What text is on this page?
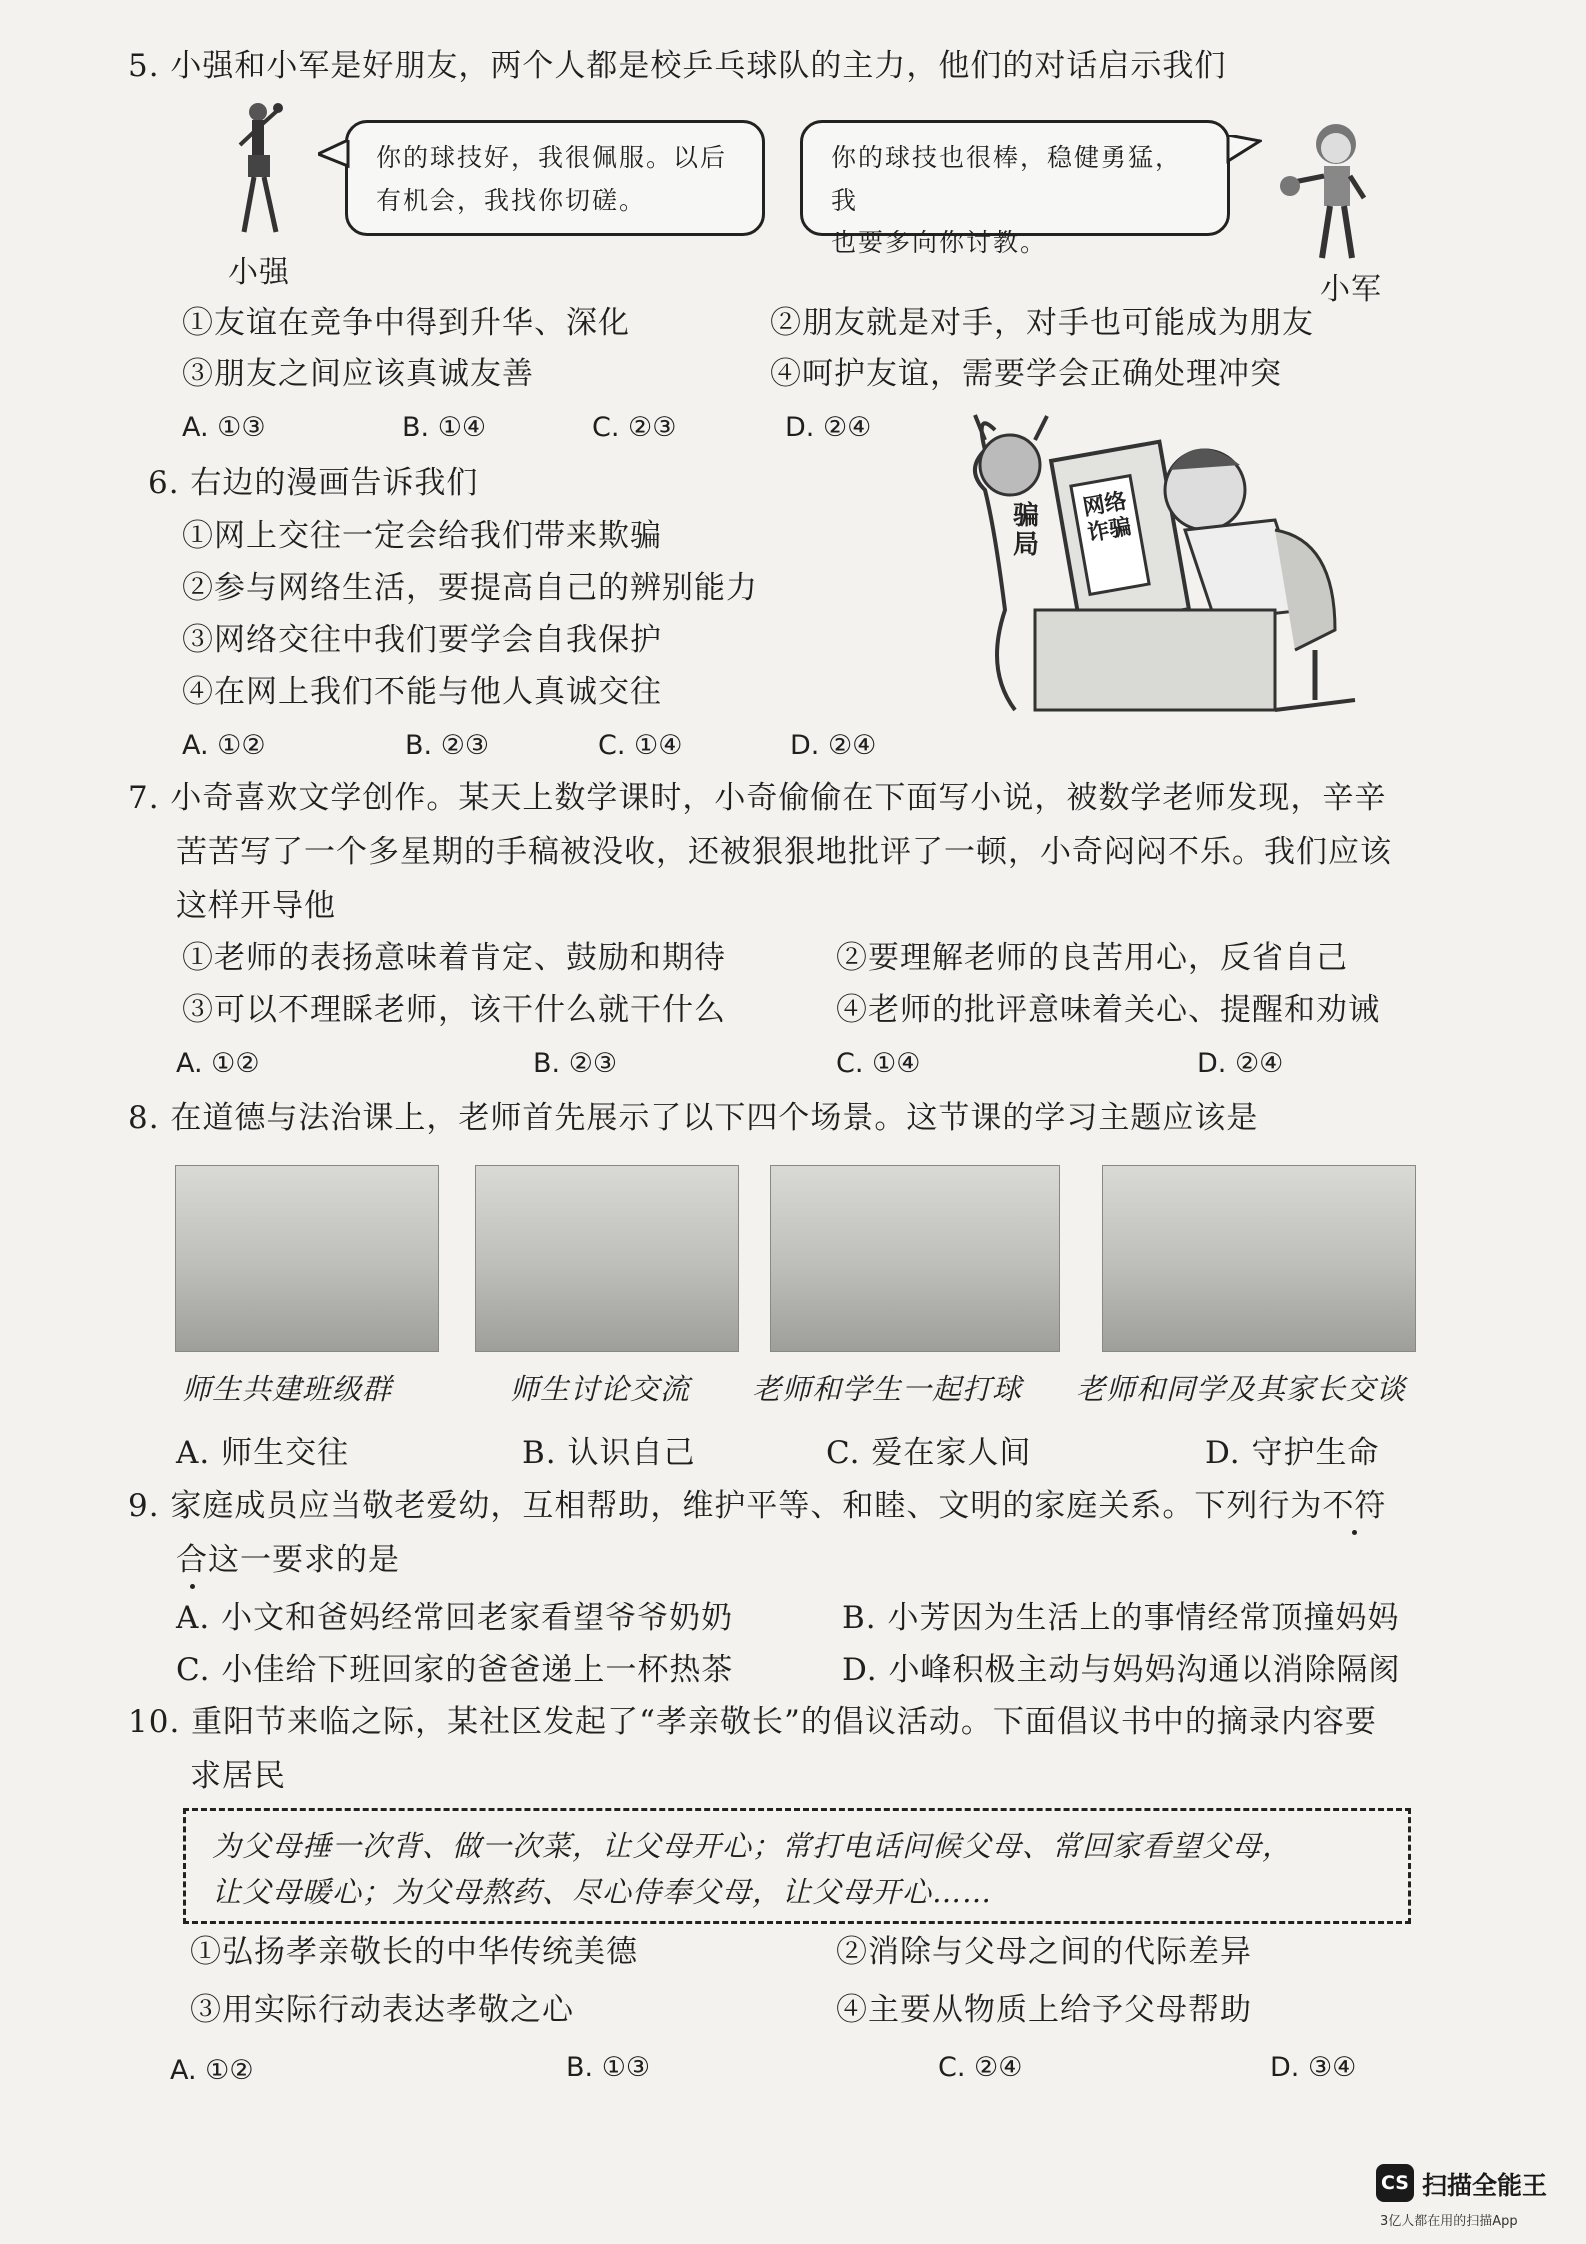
5. 小强和小军是好朋友，两个人都是校乒乓球队的主力，他们的对话启示我们
小强
你的球技好，我很佩服。以后
有机会，我找你切磋。
你的球技也很棒，稳健勇猛，我
也要多向你讨教。
小军
①友谊在竞争中得到升华、深化	②朋友就是对手，对手也可能成为朋友
③朋友之间应该真诚友善	④呵护友谊，需要学会正确处理冲突
A. ①③	B. ①④	C. ②③	D. ②④
6. 右边的漫画告诉我们
①网上交往一定会给我们带来欺骗
②参与网络生活，要提高自己的辨别能力
③网络交往中我们要学会自我保护
④在网上我们不能与他人真诚交往
A. ①②	B. ②③	C. ①④	D. ②④
骗局
网络诈骗
7. 小奇喜欢文学创作。某天上数学课时，小奇偷偷在下面写小说，被数学老师发现，辛辛
苦苦写了一个多星期的手稿被没收，还被狠狠地批评了一顿，小奇闷闷不乐。我们应该
这样开导他
①老师的表扬意味着肯定、鼓励和期待	②要理解老师的良苦用心，反省自己
③可以不理睬老师，该干什么就干什么	④老师的批评意味着关心、提醒和劝诫
A. ①②	B. ②③	C. ①④	D. ②④
8. 在道德与法治课上，老师首先展示了以下四个场景。这节课的学习主题应该是
师生共建班级群	师生讨论交流 老师和学生一起打球 老师和同学及其家长交谈
A. 师生交往	B. 认识自己	C. 爱在家人间	D. 守护生命
9. 家庭成员应当敬老爱幼，互相帮助，维护平等、和睦、文明的家庭关系。下列行为不符
合这一要求的是
A. 小文和爸妈经常回老家看望爷爷奶奶	B. 小芳因为生活上的事情经常顶撞妈妈
C. 小佳给下班回家的爸爸递上一杯热茶	D. 小峰积极主动与妈妈沟通以消除隔阂
10. 重阳节来临之际，某社区发起了“孝亲敬长”的倡议活动。下面倡议书中的摘录内容要
求居民
为父母捶一次背、做一次菜，让父母开心；常打电话问候父母、常回家看望父母，
让父母暖心；为父母熬药、尽心侍奉父母，让父母开心……
①弘扬孝亲敬长的中华传统美德	②消除与父母之间的代际差异
③用实际行动表达孝敬之心	④主要从物质上给予父母帮助
A. ①②	B. ①③	C. ②④	D. ③④
CS 扫描全能王
3亿人都在用的扫描App
